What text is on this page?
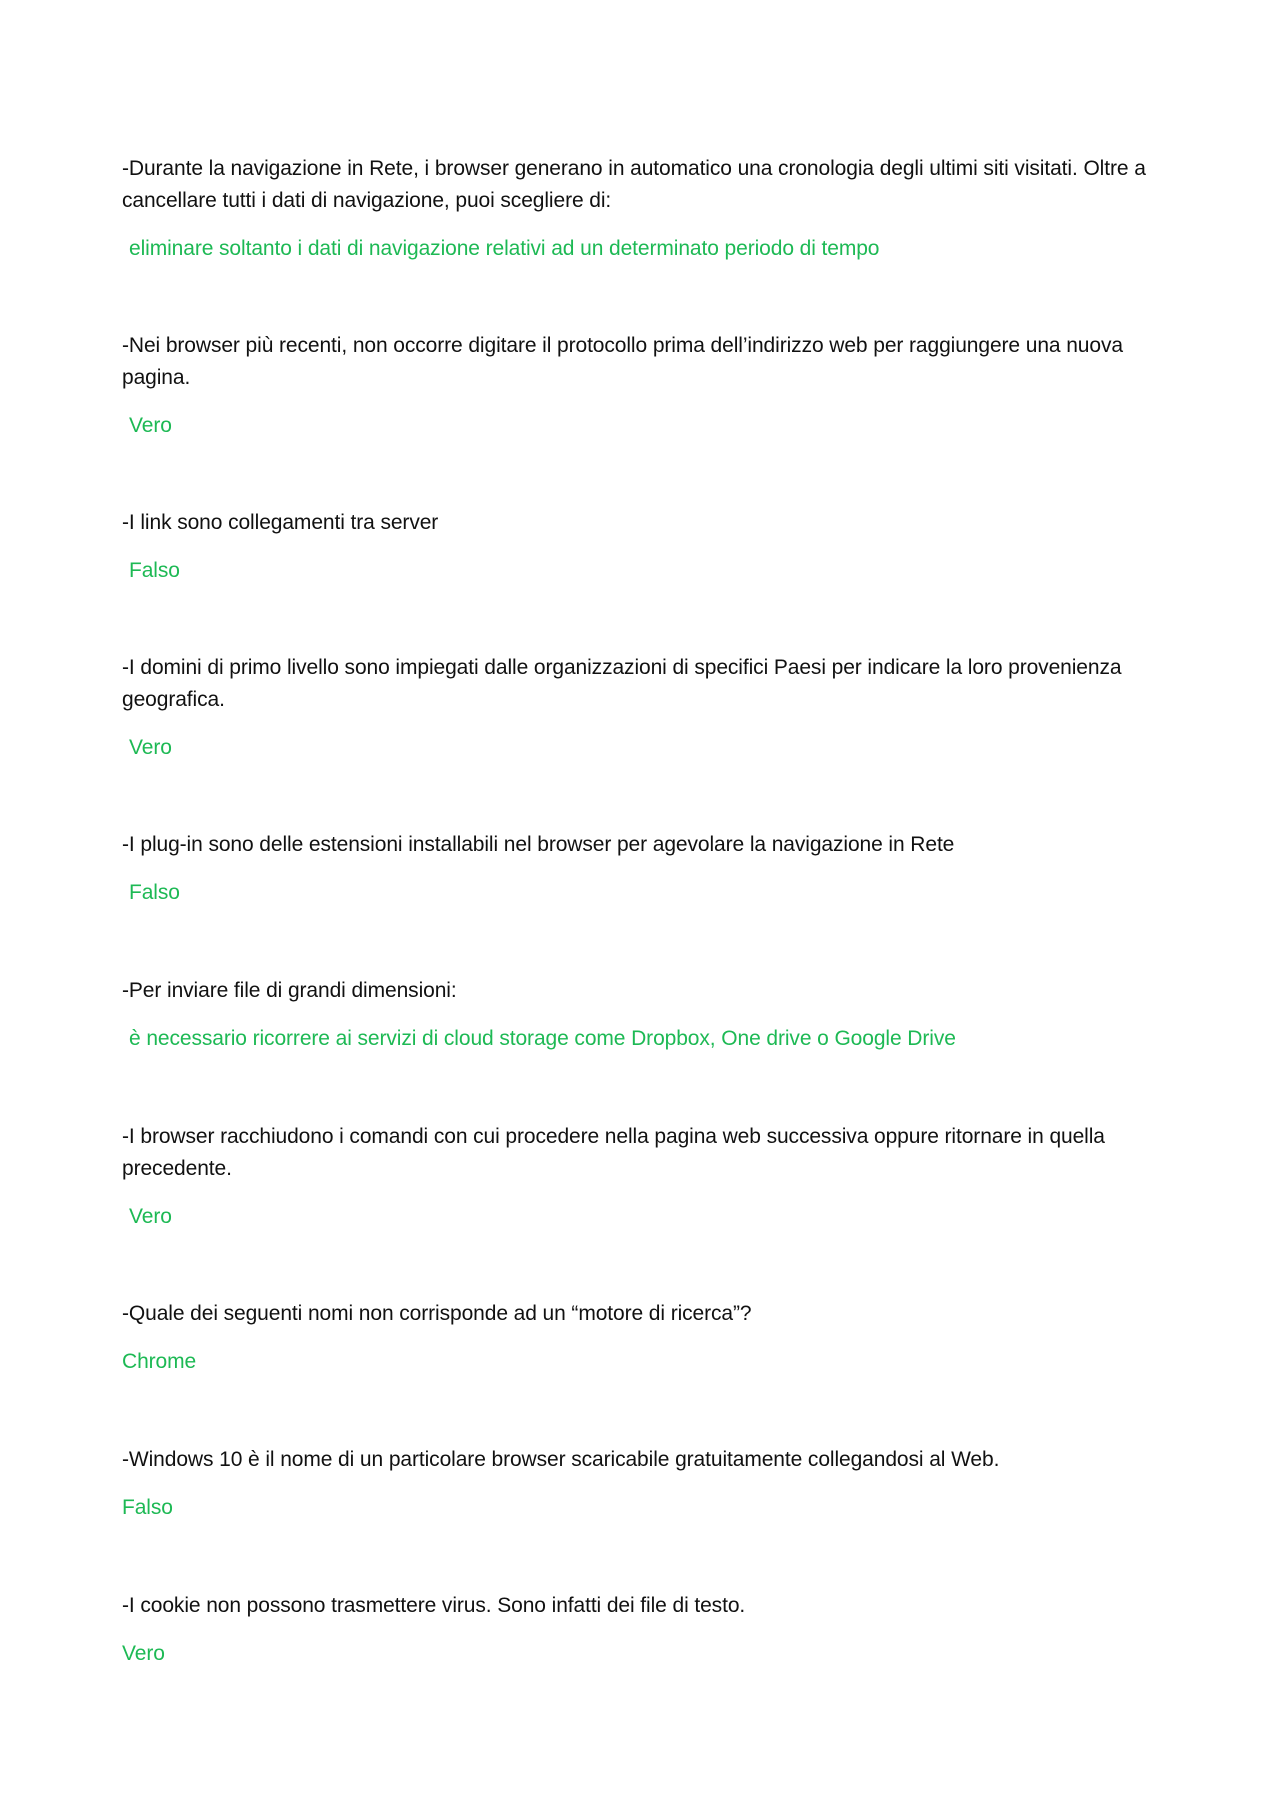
-Durante la navigazione in Rete, i browser generano in automatico una cronologia degli ultimi siti visitati. Oltre a cancellare tutti i dati di navigazione, puoi scegliere di:

eliminare soltanto i dati di navigazione relativi ad un determinato periodo di tempo

-Nei browser più recenti, non occorre digitare il protocollo prima dell’indirizzo web per raggiungere una nuova pagina.

Vero

-I link sono collegamenti tra server

Falso

-I domini di primo livello sono impiegati dalle organizzazioni di specifici Paesi per indicare la loro provenienza geografica.

Vero

-I plug-in sono delle estensioni installabili nel browser per agevolare la navigazione in Rete

Falso

-Per inviare file di grandi dimensioni:

è necessario ricorrere ai servizi di cloud storage come Dropbox, One drive o Google Drive

-I browser racchiudono i comandi con cui procedere nella pagina web successiva oppure ritornare in quella precedente.

Vero

-Quale dei seguenti nomi non corrisponde ad un “motore di ricerca”?

Chrome

-Windows 10 è il nome di un particolare browser scaricabile gratuitamente collegandosi al Web.

Falso

-I cookie non possono trasmettere virus. Sono infatti dei file di testo.

Vero
